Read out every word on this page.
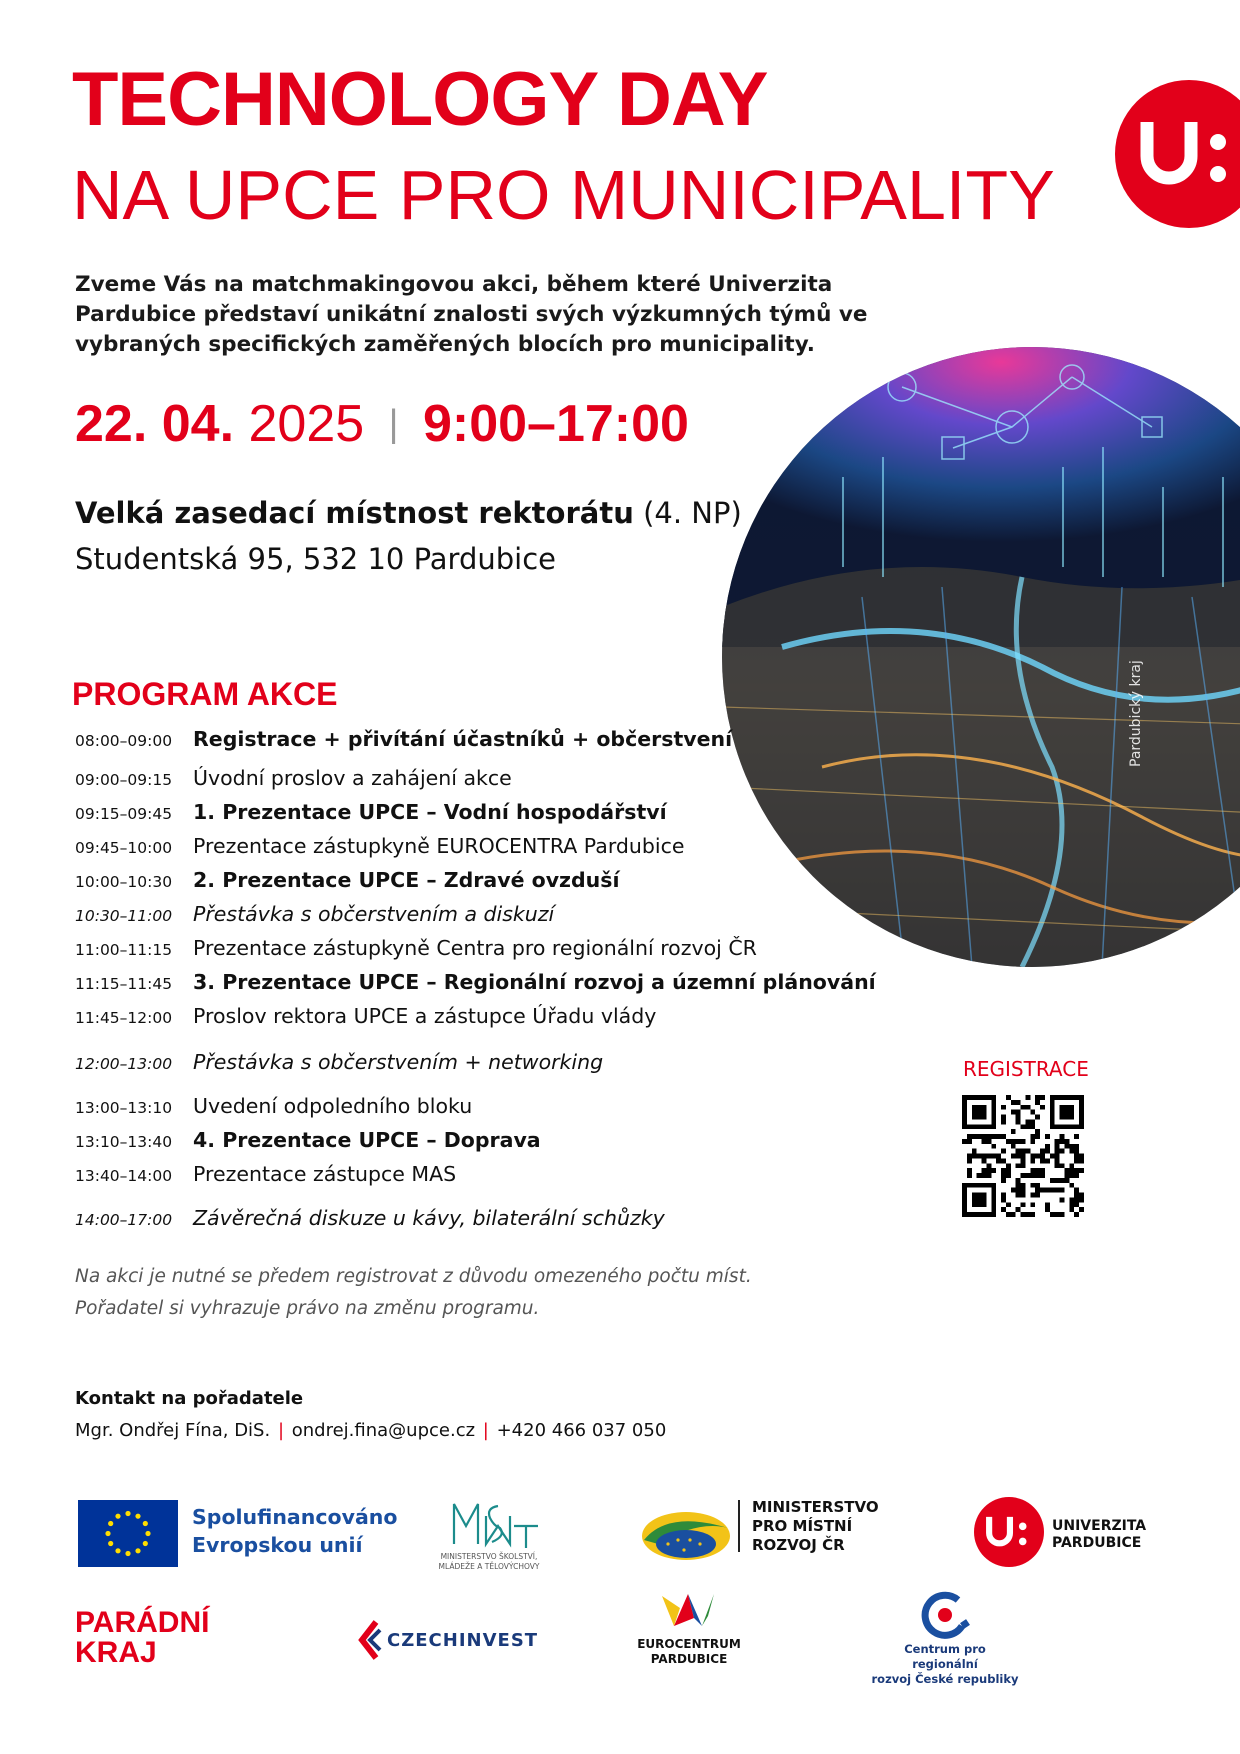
TECHNOLOGY DAY
NA UPCE PRO MUNICIPALITY
Zveme Vás na matchmakingovou akci, během které Univerzita Pardubice představí unikátní znalosti svých výzkumných týmů ve vybraných specifických zaměřených blocích pro municipality.
22. 04. 2025 | 9:00–17:00
Velká zasedací místnost rektorátu (4. NP)
Studentská 95, 532 10 Pardubice
Pardubický kraj
PROGRAM AKCE
08:00–09:00 Registrace + přivítání účastníků + občerstvení
09:00–09:15 Úvodní proslov a zahájení akce
09:15–09:45 1. Prezentace UPCE – Vodní hospodářství
09:45–10:00 Prezentace zástupkyně EUROCENTRA Pardubice
10:00–10:30 2. Prezentace UPCE – Zdravé ovzduší
10:30–11:00 Přestávka s občerstvením a diskuzí
11:00–11:15 Prezentace zástupkyně Centra pro regionální rozvoj ČR
11:15–11:45 3. Prezentace UPCE – Regionální rozvoj a územní plánování
11:45–12:00 Proslov rektora UPCE a zástupce Úřadu vlády
12:00–13:00 Přestávka s občerstvením + networking
13:00–13:10 Uvedení odpoledního bloku
13:10–13:40 4. Prezentace UPCE – Doprava
13:40–14:00 Prezentace zástupce MAS
14:00–17:00 Závěrečná diskuze u kávy, bilaterální schůzky
Na akci je nutné se předem registrovat z důvodu omezeného počtu míst.
Pořadatel si vyhrazuje právo na změnu programu.
REGISTRACE
Kontakt na pořadatele
Mgr. Ondřej Fína, DiS. | ondrej.fina@upce.cz | +420 466 037 050
Spolufinancováno
Evropskou unií	MINISTERSTVO ŠKOLSTVÍ,
MLÁDEŽE A TĚLOVÝCHOVY
MINISTERSTVO
PRO MÍSTNÍ
ROZVOJ ČR
UNIVERZITA
PARDUBICE
PARÁDNÍ
KRAJ	CZECHINVEST	EUROCENTRUM
PARDUBICE
Centrum pro regionální
rozvoj České republiky
